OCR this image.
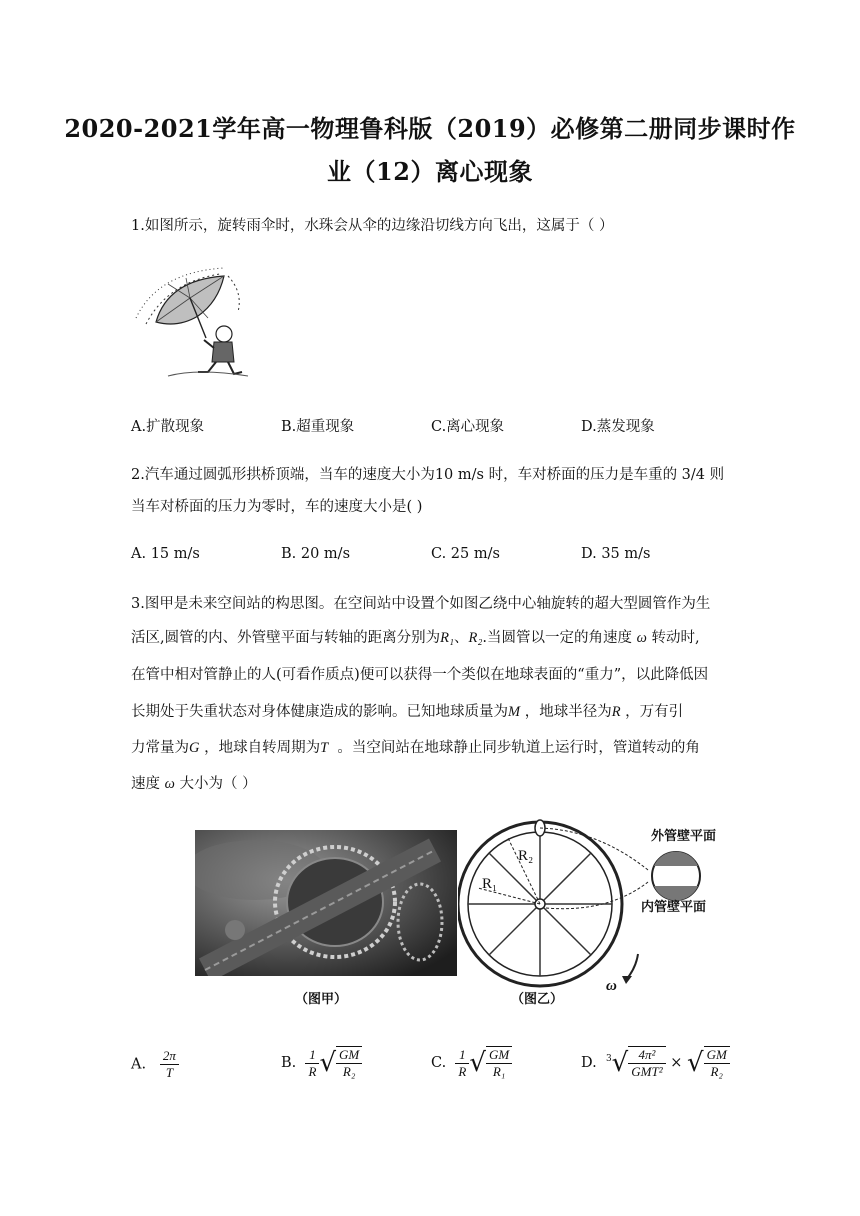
2020-2021学年高一物理鲁科版（2019）必修第二册同步课时作
业（12）离心现象
1.如图所示，旋转雨伞时，水珠会从伞的边缘沿切线方向飞出，这属于（ ）
A.扩散现象	B.超重现象	C.离心现象	D.蒸发现象
2.汽车通过圆弧形拱桥顶端，当车的速度大小为10 m/s 时，车对桥面的压力是车重的 3/4 则
当车对桥面的压力为零时，车的速度大小是( )
A. 15 m/s	B. 20 m/s	C. 25 m/s	D. 35 m/s
3.图甲是未来空间站的构思图。在空间站中设置个如图乙绕中心轴旋转的超大型圆管作为生
活区,圆管的内、外管壁平面与转轴的距离分别为R₁、R₂.当圆管以一定的角速度 ω 转动时,
在管中相对管静止的人(可看作质点)便可以获得一个类似在地球表面的“重力”，以此降低因
长期处于失重状态对身体健康造成的影响。已知地球质量为M ，地球半径为R ，万有引
力常量为G ，地球自转周期为T 。当空间站在地球静止同步轨道上运行时，管道转动的角
速度 ω 大小为（ ）
（图甲）
R₂
R₁
ω
外管壁平面
内管壁平面
（图乙）
A. $\frac{2\pi}{T}$	B. $\frac{1}{R}$ √ $\frac{GM}{\text{R₂}}$	C. $\frac{1}{R}$ √ $\frac{GM}{\text{R₁}}$	D. $^3√ \frac{\text{4π²}}{\text{GMT²}}$ × √ $\frac{GM}{\text{R₂}}$
